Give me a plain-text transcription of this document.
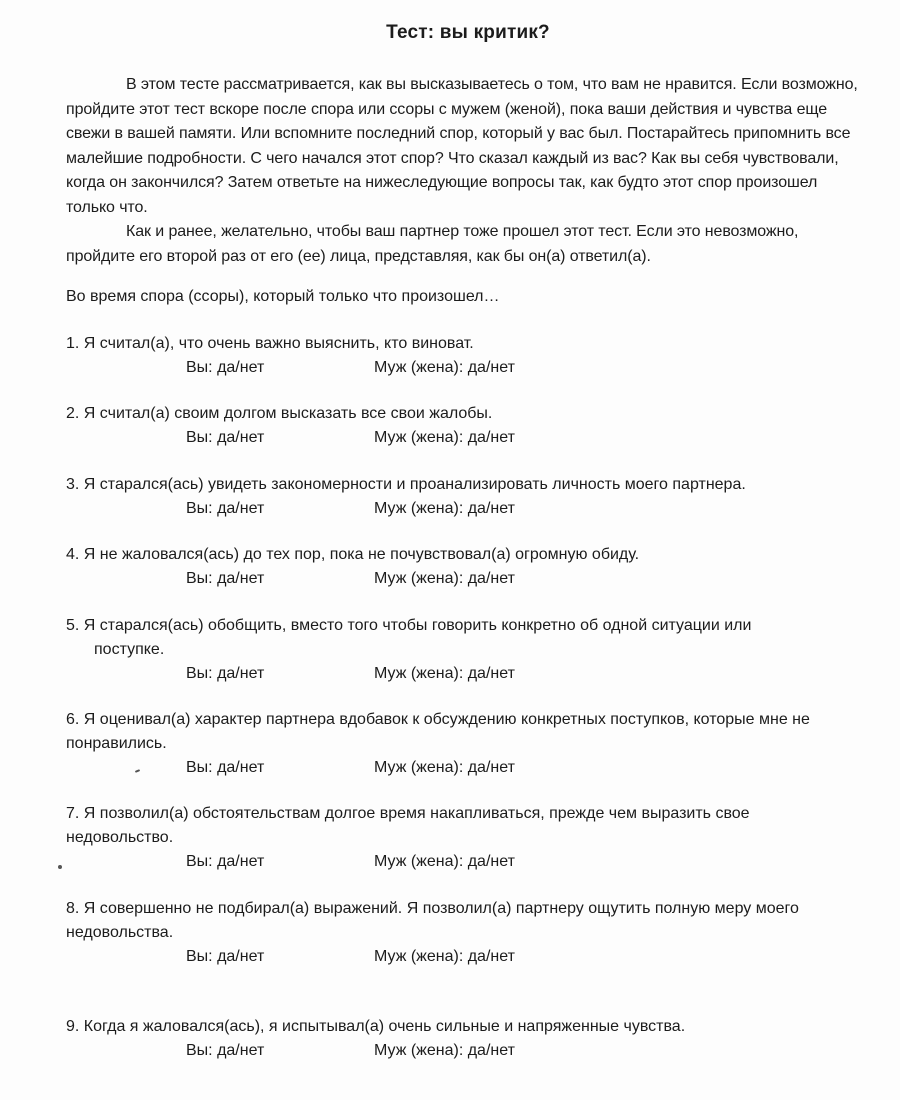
Тест: вы критик?

В этом тесте рассматривается, как вы высказываетесь о том, что вам не нравится. Если возможно, пройдите этот тест вскоре после спора или ссоры с мужем (женой), пока ваши действия и чувства еще свежи в вашей памяти. Или вспомните последний спор, который у вас был. Постарайтесь припомнить все малейшие подробности. С чего начался этот спор? Что сказал каждый из вас? Как вы себя чувствовали, когда он закончился? Затем ответьте на нижеследующие вопросы так, как будто этот спор произошел только что.

Как и ранее, желательно, чтобы ваш партнер тоже прошел этот тест. Если это невозможно, пройдите его второй раз от его (ее) лица, представляя, как бы он(а) ответил(а).

Во время спора (ссоры), который только что произошел…
1. Я считал(а), что очень важно выяснить, кто виноват.
Вы: да/нет	Муж (жена): да/нет
2. Я считал(а) своим долгом высказать все свои жалобы.
Вы: да/нет	Муж (жена): да/нет
3. Я старался(ась) увидеть закономерности и проанализировать личность моего партнера.
Вы: да/нет	Муж (жена): да/нет
4. Я не жаловался(ась) до тех пор, пока не почувствовал(а) огромную обиду.
Вы: да/нет	Муж (жена): да/нет
5. Я старался(ась) обобщить, вместо того чтобы говорить конкретно об одной ситуации или
поступке.
Вы: да/нет	Муж (жена): да/нет
6. Я оценивал(а) характер партнера вдобавок к обсуждению конкретных поступков, которые мне не
понравились.
Вы: да/нет	Муж (жена): да/нет
7. Я позволил(а) обстоятельствам долгое время накапливаться, прежде чем выразить свое
недовольство.
Вы: да/нет	Муж (жена): да/нет
8. Я совершенно не подбирал(а) выражений. Я позволил(а) партнеру ощутить полную меру моего
недовольства.
Вы: да/нет	Муж (жена): да/нет
9. Когда я жаловался(ась), я испытывал(а) очень сильные и напряженные чувства.
Вы: да/нет	Муж (жена): да/нет
